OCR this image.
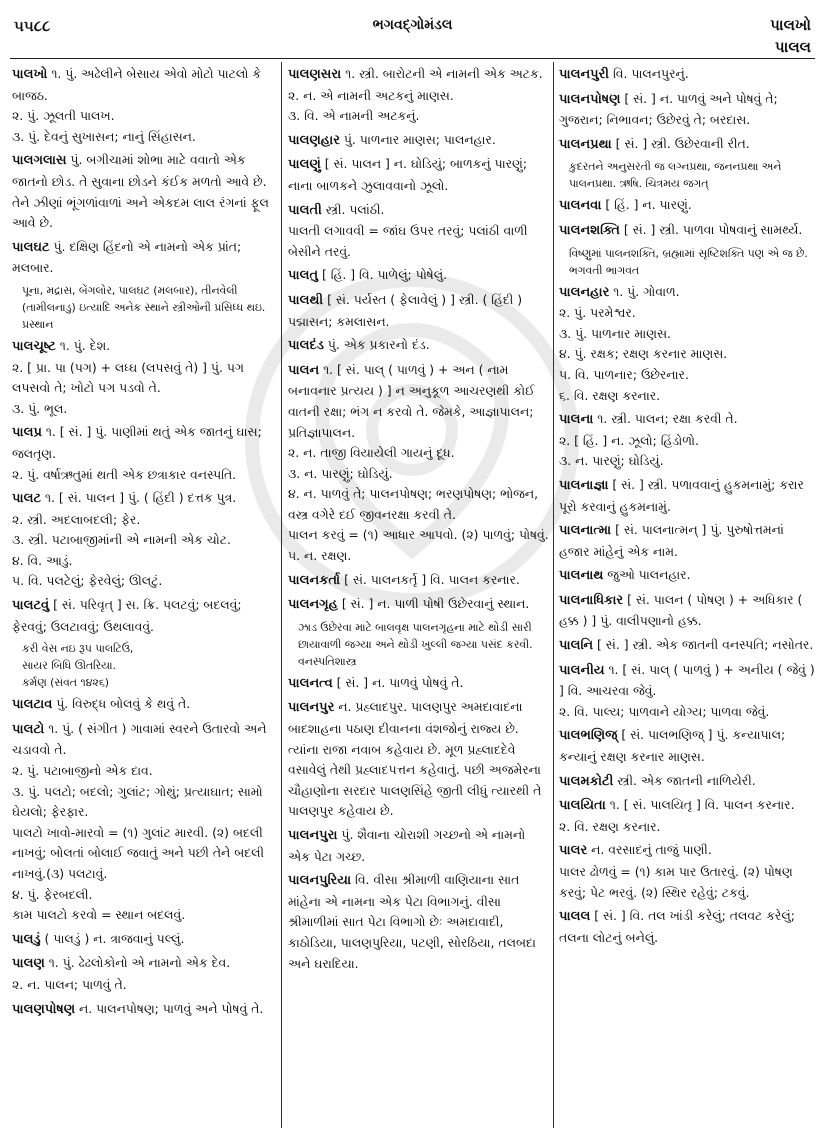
૫૫૮૮	ભગવદ્‌ગોમંડલ	પાલખો
પાલલ
પાલખો ૧. પું. અઢેલીને બેસાય એવો મોટો પાટલો કે બાજઠ.
૨. પું. ઝૂલતી પાલખ.
૩. પું. દેવનું સુખાસન; નાનું સિંહાસન.
પાલગલાસ પું. બગીચામાં શોભા માટે વવાતો એક જાતનો છોડ. તે સુવાના છોડને કંઈક મળતો આવે છે. તેને ઝીણાં ભૂંગળાંવાળાં અને એકદમ લાલ રંગનાં ફૂલ આવે છે.
પાલઘટ પું. દક્ષિણ હિંદનો એ નામનો એક પ્રાંત; મલબાર.
પૂના, મદ્રાસ, બેંગલોર, પાલઘટ (મલબાર), તીનવેલી (તામીલનાડુ) ઇત્યાદિ અનેક સ્થાને સ્ત્રીઓની પ્રસિધ્ધ થઇ. પ્રસ્થાન
પાલચૂષ્ટ ૧. પું. દેશ.
૨. [ પ્રા. પા (પગ) + લધ્ઘ (લપસવું તે) ] પું. પગ લપસવો તે; ખોટો પગ પડવો તે.
૩. પું. ભૂલ.
પાલપ્ર ૧. [ સં. ] પું. પાણીમાં થતું એક જાતનું ઘાસ; જલતૃણ.
૨. પું. વર્ષાઋતુમાં થતી એક છત્રાકાર વનસ્પતિ.
પાલટ ૧. [ સં. પાલન ] પું. ( હિંદી ) દત્તક પુત્ર.
૨. સ્ત્રી. અદલાબદલી; ફેર.
૩. સ્ત્રી. પટાબાજીમાંની એ નામની એક ચોટ.
૪. વિ. આડું.
૫. વિ. પલટેલું; ફેરવેલું; ઊલટું.
પાલટવું [ સં. પરિવૃત્ ] સ. ક્રિ. પલટવું; બદલવું; ફેરવવું; ઉલટાવવું; ઉથલાવવું.
કરી વેસ નઇ રૂપ પાલટિઉં,
સાયર બિધિ ઊતરિયા.
કર્મણ (સંવત ૧૪૨૬)
પાલટાવ પું. વિરુદ્ધ બોલવું કે થવું તે.
પાલટો ૧. પું. ( સંગીત ) ગાવામાં સ્વરને ઉતારવો અને ચડાવવો તે.
૨. પું. પટાબાજીનો એક દાવ.
૩. પું. પલટો; બદલો; ગુલાંટ; ગોથું; પ્રત્યાઘાત; સામો ઘેયલો; ફેરફાર.
પાલટો ખાવો-મારવો = (૧) ગુલાંટ મારવી. (૨) બદલી નાખવું; બોલતાં બોલાઈ જવાતું અને પછી તેને બદલી નાખવું.(૩) પલટાવું.
૪. પું. ફેરબદલી.
કામ પાલટો કરવો = સ્થાન બદલવું.
પાલડું ( પાલડું ) ન. ત્રાજવાનું પલ્લું.
પાલણ ૧. પું. ઢેઢલોકોનો એ નામનો એક દેવ.
૨. ન. પાલન; પાળવું તે.
પાલણપોષણ ન. પાલનપોષણ; પાળવું અને પોષવું તે.
પાલણસરા ૧. સ્ત્રી. બારોટની એ નામની એક અટક.
૨. ન. એ નામની અટકનું માણસ.
૩. વિ. એ નામની અટકનું.
પાલણહાર પું. પાળનાર માણસ; પાલનહાર.
પાલણું [ સં. પાલન ] ન. ઘોડિયું; બાળકનું પારણું; નાના બાળકને ઝુલાવવાનો ઝૂલો.
પાલતી સ્ત્રી. પલાંઠી.
પાલતી લગાવવી = જાંઘ ઉપર તરવું; પલાંઠી વાળી બેસીને તરવું.
પાલતુ [ હિં. ] વિ. પાળેલું; પોષેલું.
પાલથી [ સં. પર્યસ્ત ( ફેલાવેલું ) ] સ્ત્રી. ( હિંદી ) પદ્માસન; કમલાસન.
પાલદંડ પું. એક પ્રકારનો દંડ.
પાલન ૧. [ સં. પાલ્ ( પાળવું ) + અન ( નામ બનાવનાર પ્રત્યય ) ] ન અનુકૂળ આચરણથી કોઈ વાતની રક્ષા; ભંગ ન કરવો તે. જેમકે, આજ્ઞાપાલન; પ્રતિજ્ઞાપાલન.
૨. ન. તાજી વિયાયેલી ગાયનું દૂધ.
૩. ન. પારણું; ઘોડિયું.
૪. ન. પાળવું તે; પાલનપોષણ; ભરણપોષણ; ભોજન, વસ્ત્ર વગેરે દઈ જીવનરક્ષા કરવી તે.
પાલન કરવું = (૧) આધાર આપવો. (૨) પાળવું; પોષવું.
૫. ન. રક્ષણ.
પાલનકર્તા [ સં. પાલનકર્તૃ ] વિ. પાલન કરનાર.
પાલનગૃહ [ સં. ] ન. પાળી પોષી ઉછેરવાનું સ્થાન.
ઝાડ ઉછેરવા માટે બાલવૃક્ષ પાલનગૃહના માટે થોડી સારી છાયાવાળી જગ્યા અને થોડી ખુલ્લી જગ્યા પસંદ કરવી. વનસ્પતિશાસ્ત્ર
પાલનત્વ [ સં. ] ન. પાળવું પોષવું તે.
પાલનપુર ન. પ્રહ્લાદપુર. પાલણપુર અમદાવાદના બાદશાહના પઠાણ દીવાનના વંશજોનું રાજ્ય છે. ત્યાંના રાજા નવાબ કહેવાય છે. મૂળ પ્રહ્લાદદેવે વસાવેલું તેથી પ્રહ્લાદપત્તન કહેવાતું. પછી અજમેરના ચૌહાણોના સરદાર પાલણસિંહે જીતી લીધું ત્યારથી તે પાલણપુર કહેવાય છે.
પાલનપુરા પું. શૈવાના ચોરાશી ગચ્છનો એ નામનો એક પેટા ગચ્છ.
પાલનપુરિયા વિ. વીસા શ્રીમાળી વાણિયાના સાત માંહેના એ નામના એક પેટા વિભાગનું. વીસા શ્રીમાળીમાં સાત પેટા વિભાગો છેઃ અમદાવાદી, કાઠોડિયા, પાલણપુરિયા, પટણી, સોરઠિયા, તલબદા અને ઘરાદિયા.
પાલનપુરી વિ. પાલનપુરનું.
પાલનપોષણ [ સં. ] ન. પાળવું અને પોષવું તે; ગુજરાન; નિભાવન; ઉછેરવું તે; બરદાસ.
પાલનપ્રથા [ સં. ] સ્ત્રી. ઉછેરવાની રીત.
કુદરતને અનુસરતી જ લગ્નપ્રથા, જનનપ્રથા અને પાલનપ્રથા. ઋષિ. ચિત્રમય જગત્
પાલનવા [ હિં. ] ન. પારણું.
પાલનશક્તિ [ સં. ] સ્ત્રી. પાળવા પોષવાનું સામર્થ્ય.
વિષ્ણુમાં પાલનશક્તિ, બ્રહ્મામાં સૃષ્ટિશક્તિ પણ એ જ છે. ભગવતી ભાગવત
પાલનહાર ૧. પું. ગોવાળ.
૨. પું. પરમેશ્વર.
૩. પું. પાળનાર માણસ.
૪. પું. રક્ષક; રક્ષણ કરનાર માણસ.
૫. વિ. પાળનાર; ઉછેરનાર.
૬. વિ. રક્ષણ કરનાર.
પાલના ૧. સ્ત્રી. પાલન; રક્ષા કરવી તે.
૨. [ હિં. ] ન. ઝૂલો; હિંડોળો.
૩. ન. પારણું; ઘોડિયું.
પાલનાજ્ઞા [ સં. ] સ્ત્રી. પળાવવાનું હુકમનામું; કરાર પૂરો કરવાનું હુકમનામું.
પાલનાત્મા [ સં. પાલનાત્મન્ ] પું. પુરુષોત્તમનાં હજાર માંહેનું એક નામ.
પાલનાથ જુઓ પાલનહાર.
પાલનાધિકાર [ સં. પાલન ( પોષણ ) + અધિકાર ( હક્ક ) ] પું. વાલીપણાનો હક્ક.
પાલનિ [ સં. ] સ્ત્રી. એક જાતની વનસ્પતિ; નસોતર.
પાલનીય ૧. [ સં. પાલ્ ( પાળવું ) + અનીય ( જેવું ) ] વિ. આચરવા જેવું.
૨. વિ. પાલ્ય; પાળવાને યોગ્ય; પાળવા જેવું.
પાલભણિજ્ [ સં. પાલભણિજ્ ] પું. કન્યાપાલ; કન્યાનું રક્ષણ કરનાર માણસ.
પાલમકોટી સ્ત્રી. એક જાતની નાળિયેરી.
પાલયિતા ૧. [ સં. પાલયિતૃ ] વિ. પાલન કરનાર.
૨. વિ. રક્ષણ કરનાર.
પાલર ન. વરસાદનું તાજું પાણી.
પાલર ઢોળવું = (૧) કામ પાર ઉતારવું. (૨) પોષણ કરવું; પેટ ભરવું. (૨) સ્થિર રહેવું; ટકવું.
પાલલ [ સં. ] વિ. તલ ખાંડી કરેલું; તલવટ કરેલું; તલના લોટનું બનેલું.
